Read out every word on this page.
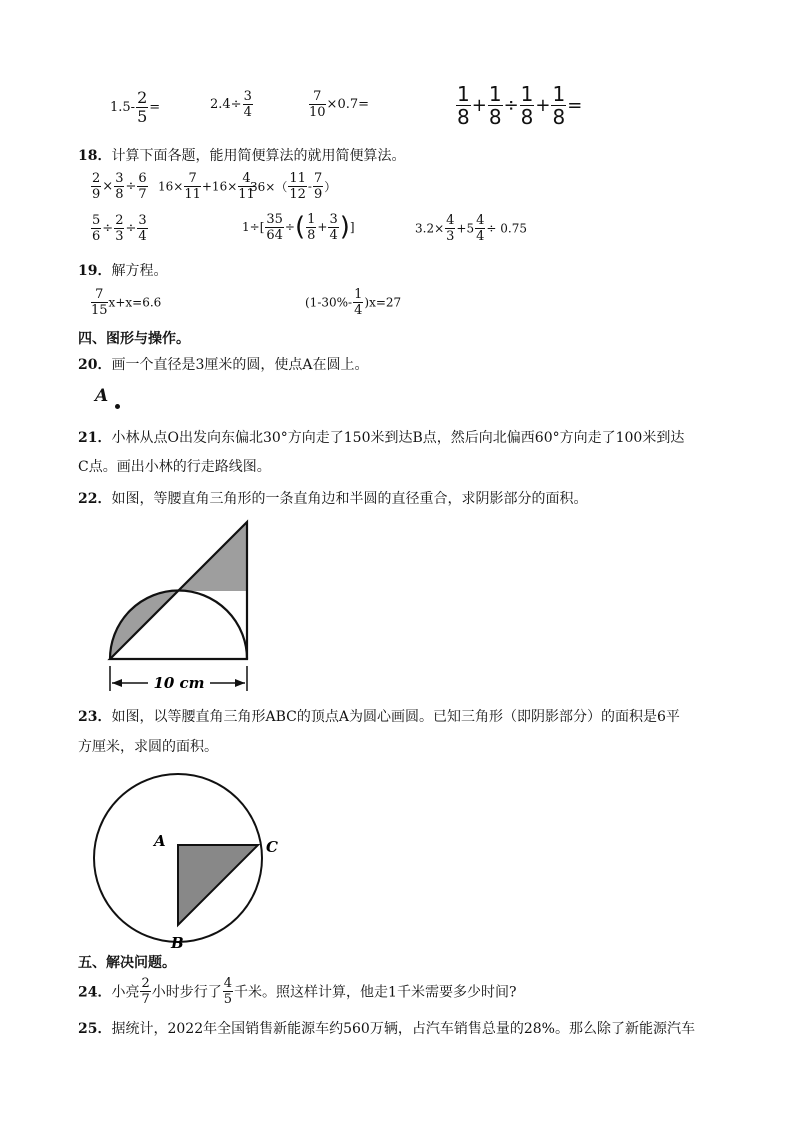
$1.5- \frac{2}{5}$ =	$2.4\div \frac{3}{4}$	$\frac{7}{10} \times 0.7=$	$\frac{1}{8} + \frac{1}{8} \div \frac{1}{8} + \frac{1}{8}$ =
18．计算下面各题，能用简便算法的就用简便算法。
$\frac{2}{9} \times \frac{3}{8} \div \frac{6}{7} 16\times \frac{7}{11} +16\times \frac{4}{11}$
$36\times( \frac{11}{12} - \frac{7}{9}$ ）
$\frac{5}{6} \div \frac{2}{3} \div \frac{3}{4}$	$1\div[ \frac{35}{64}$ ÷( $\frac{1}{8} + \frac{3}{4}$ )]	$3.2\times \frac{4}{3} +5 \frac{4}{4} \div 0.75$
19．解方程。
$\frac{7}{15} x+x=6.6$	$(1-30\%- \frac{1}{4} )x=27$
四、图形与操作。
20．画一个直径是3厘米的圆，使点A在圆上。
A
21．小林从点O出发向东偏北30°方向走了150米到达B点，然后向北偏西60°方向走了100米到达
C点。画出小林的行走路线图。
22．如图，等腰直角三角形的一条直角边和半圆的直径重合，求阴影部分的面积。
10 cm
23．如图，以等腰直角三角形ABC的顶点A为圆心画圆。已知三角形（即阴影部分）的面积是6平
方厘米，求圆的面积。
A	C
B
五、解决问题。
24．小亮 $\frac{2}{7}$ 小时步行了 $\frac{4}{5}$ 千米。照这样计算，他走1千米需要多少时间?
25．据统计，2022年全国销售新能源车约560万辆，占汽车销售总量的28%。那么除了新能源汽车
